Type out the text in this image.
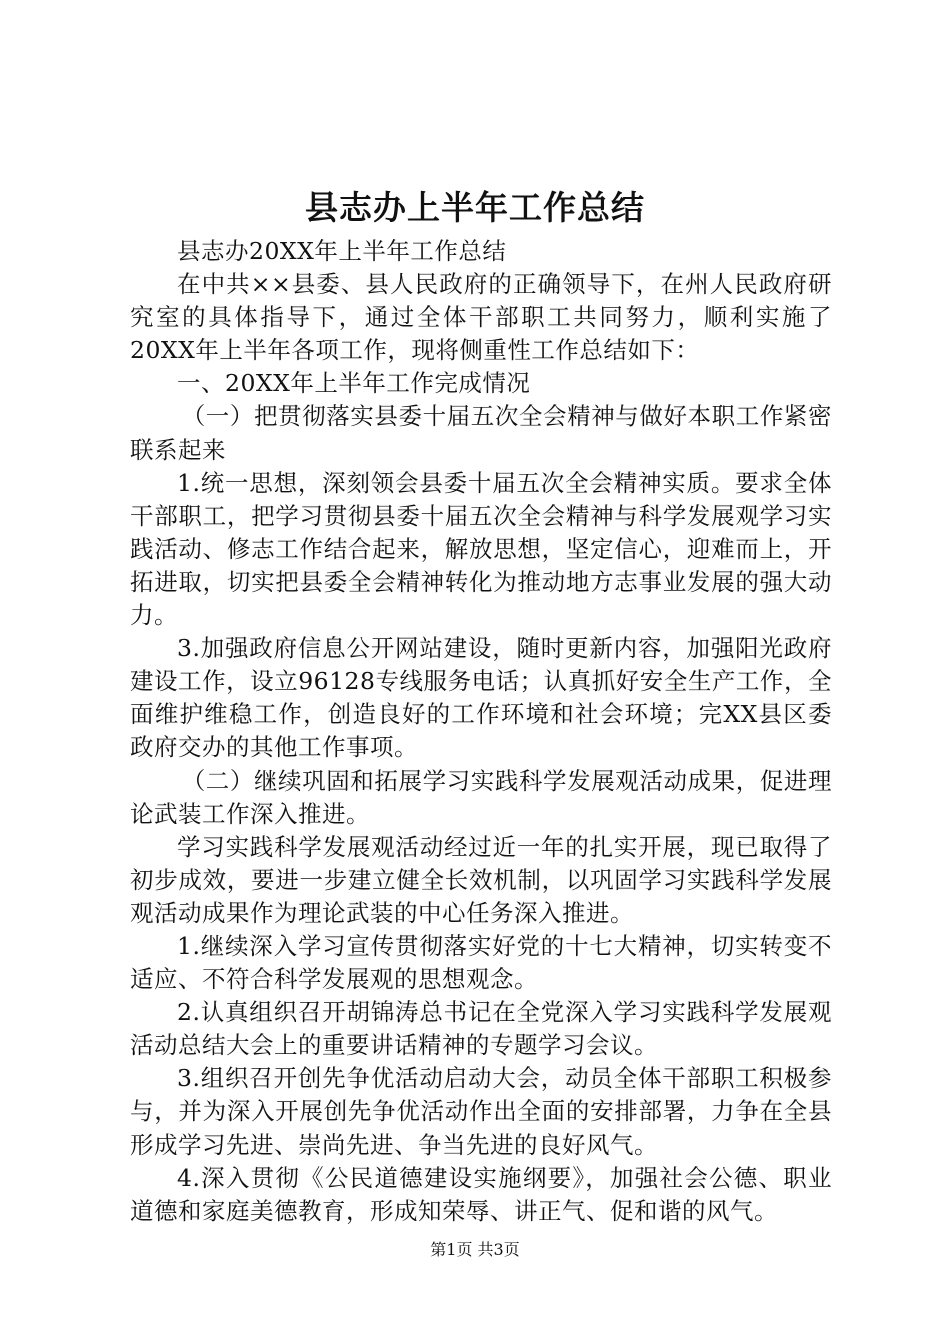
县志办上半年工作总结

县志办20XX年上半年工作总结

在中共××县委、县人民政府的正确领导下，在州人民政府研究室的具体指导下，通过全体干部职工共同努力，顺利实施了20XX年上半年各项工作，现将侧重性工作总结如下：

一、20XX年上半年工作完成情况

（一）把贯彻落实县委十届五次全会精神与做好本职工作紧密联系起来

1.统一思想，深刻领会县委十届五次全会精神实质。要求全体干部职工，把学习贯彻县委十届五次全会精神与科学发展观学习实践活动、修志工作结合起来，解放思想，坚定信心，迎难而上，开拓进取，切实把县委全会精神转化为推动地方志事业发展的强大动力。

3.加强政府信息公开网站建设，随时更新内容，加强阳光政府建设工作，设立96128专线服务电话；认真抓好安全生产工作，全面维护维稳工作，创造良好的工作环境和社会环境；完XX县区委政府交办的其他工作事项。

（二）继续巩固和拓展学习实践科学发展观活动成果，促进理论武装工作深入推进。

学习实践科学发展观活动经过近一年的扎实开展，现已取得了初步成效，要进一步建立健全长效机制，以巩固学习实践科学发展观活动成果作为理论武装的中心任务深入推进。

1.继续深入学习宣传贯彻落实好党的十七大精神，切实转变不适应、不符合科学发展观的思想观念。

2.认真组织召开胡锦涛总书记在全党深入学习实践科学发展观活动总结大会上的重要讲话精神的专题学习会议。

3.组织召开创先争优活动启动大会，动员全体干部职工积极参与，并为深入开展创先争优活动作出全面的安排部署，力争在全县形成学习先进、崇尚先进、争当先进的良好风气。

4.深入贯彻《公民道德建设实施纲要》，加强社会公德、职业道德和家庭美德教育，形成知荣辱、讲正气、促和谐的风气。

第1页 共3页
